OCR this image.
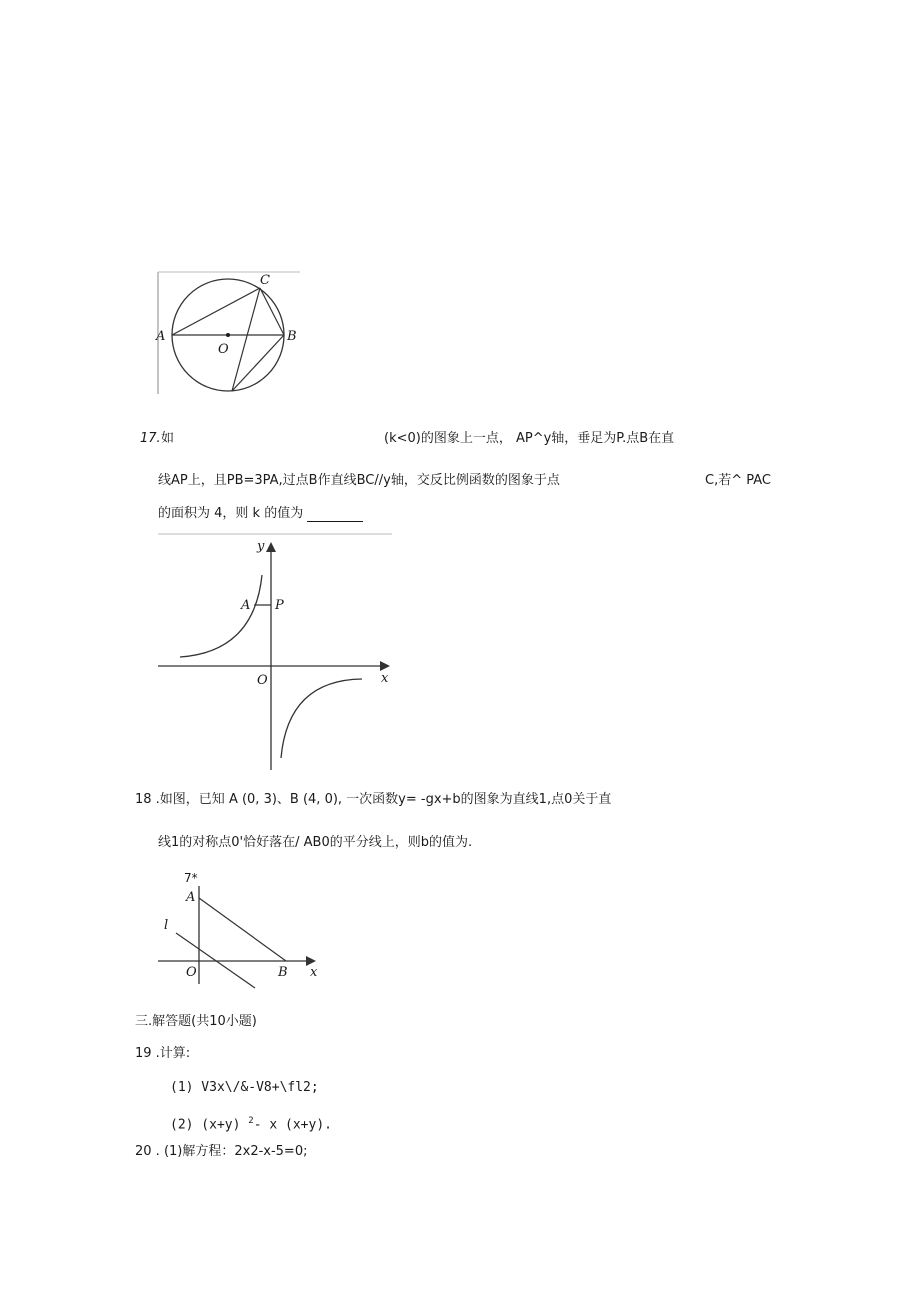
C
A	B
O
17. 如	(k<0)的图象上一点， AP^y轴，垂足为P.点B在直
线AP上，且PB=3PA,过点B作直线BC//y轴，交反比例函数的图象于点	C,若^ PAC
的面积为 4，则 k 的值为
y
A P
O	x
18 .如图，已知 A (0, 3)、B (4, 0), 一次函数y= -gx+b的图象为直线1,点0关于直
线1的对称点0'恰好落在/ AB0的平分线上，则b的值为.
7*
A
l
O	B x
三.解答题(共10小题)
19 .计算:
(1) V3x\/&-V8+\fl2;
(2) (x+y) $^2$- x (x+y).
20 . (1)解方程：2x2-x-5=0;
